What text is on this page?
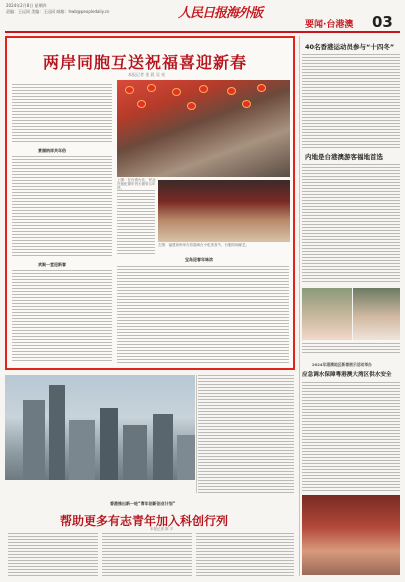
2024年2月8日 星期四
责编：王远同 美编：王远同 邮箱：hwb@peopledaily.cn	人民日报海外版
要闻·台港澳 03
两岸同胞互送祝福喜迎新春
本报记者 金 晨 吴 亮
赏福纳祥共年俗
欢聚一堂迎新春
上图：在台湾台北，民众在迪化街年货大街采买年货。
左图：福建泉州举办首届闽台小吃美食节，台胞同场献艺。
宝岛迎春年味浓
40名香港运动员参与“十四冬”
内地是台港澳游客福地首选
2024年港澳地区新春展示活动举办
应急调水保障粤港澳大湾区供水安全
香港推出新一轮“青年创新创业计划”
帮助更多有志青年加入科创行列
本报记者 陈 平
